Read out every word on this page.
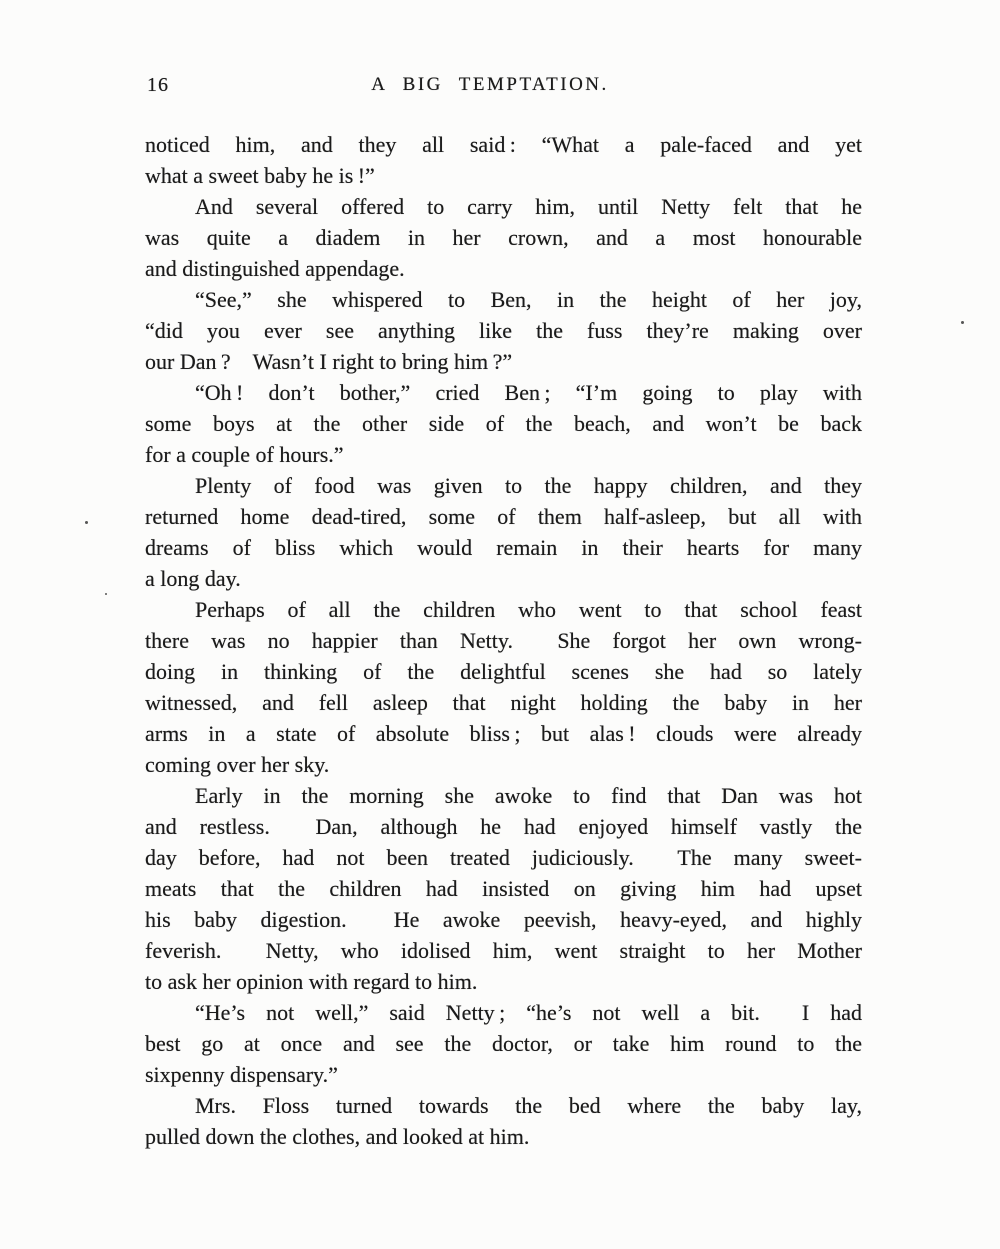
16	A BIG TEMPTATION.
noticed him, and they all said : “What a pale-faced and yet
what a sweet baby he is !”
And several offered to carry him, until Netty felt that he
was quite a diadem in her crown, and a most honourable
and distinguished appendage.
“See,” she whispered to Ben, in the height of her joy,
“did you ever see anything like the fuss they’re making over
our Dan ? Wasn’t I right to bring him ?”
“Oh ! don’t bother,” cried Ben ; “I’m going to play with
some boys at the other side of the beach, and won’t be back
for a couple of hours.”
Plenty of food was given to the happy children, and they
returned home dead-tired, some of them half-asleep, but all with
dreams of bliss which would remain in their hearts for many
a long day.
Perhaps of all the children who went to that school feast
there was no happier than Netty.  She forgot her own wrong-
doing in thinking of the delightful scenes she had so lately
witnessed, and fell asleep that night holding the baby in her
arms in a state of absolute bliss ; but alas ! clouds were already
coming over her sky.
Early in the morning she awoke to find that Dan was hot
and restless.  Dan, although he had enjoyed himself vastly the
day before, had not been treated judiciously.  The many sweet-
meats that the children had insisted on giving him had upset
his baby digestion.  He awoke peevish, heavy-eyed, and highly
feverish.  Netty, who idolised him, went straight to her Mother
to ask her opinion with regard to him.
“He’s not well,” said Netty ; “he’s not well a bit.  I had
best go at once and see the doctor, or take him round to the
sixpenny dispensary.”
Mrs. Floss turned towards the bed where the baby lay,
pulled down the clothes, and looked at him.
